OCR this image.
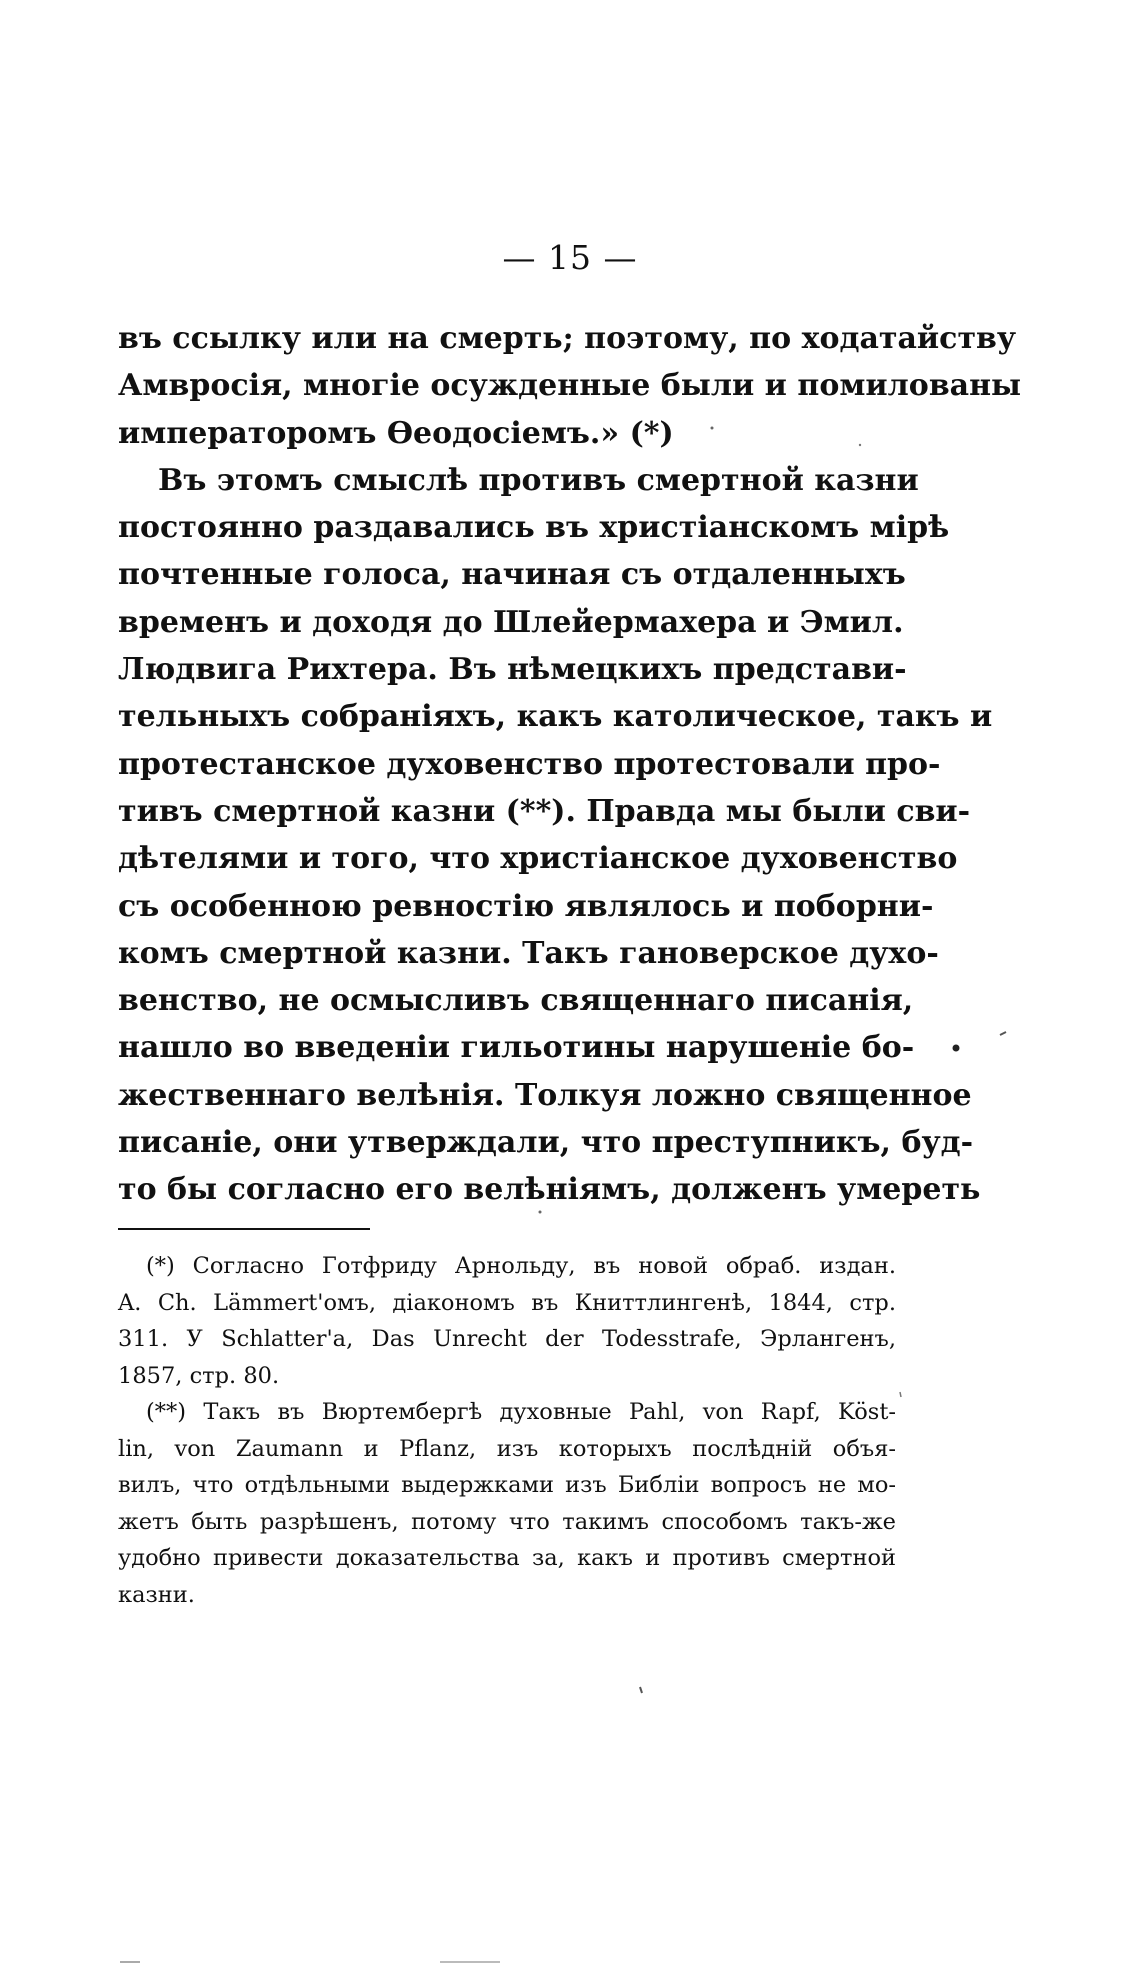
— 15 —
въ ссылку или на смерть; поэтому, по ходатайству
Амвросія, многіе осужденные были и помилованы
императоромъ Өеодосіемъ.» (*)
Въ этомъ смыслѣ противъ смертной казни
постоянно раздавались въ христіанскомъ мірѣ
почтенные голоса, начиная съ отдаленныхъ
временъ и доходя до Шлейермахера и Эмил.
Людвига Рихтера. Въ нѣмецкихъ представи-
тельныхъ собраніяхъ, какъ католическое, такъ и
протестанское духовенство протестовали про-
тивъ смертной казни (**). Правда мы были сви-
дѣтелями и того, что христіанское духовенство
съ особенною ревностію являлось и поборни-
комъ смертной казни. Такъ гановерское духо-
венство, не осмысливъ священнаго писанія,
нашло во введеніи гильотины нарушеніе бо-
жественнаго велѣнія. Толкуя ложно священное
писаніе, они утверждали, что преступникъ, буд-
то бы согласно его велѣніямъ, долженъ умереть
(*) Согласно Готфриду Арнольду, въ новой обраб. издан.
A. Ch. Lämmert'омъ, діакономъ въ Книттлингенѣ, 1844, стр.
311. У Schlatter'a, Das Unrecht der Todesstrafe, Эрлангенъ,
1857, стр. 80.
(**) Такъ въ Вюртембергѣ духовные Pahl, von Rapf, Köst-
lin, von Zaumann и Pflanz, изъ которыхъ послѣдній объя-
вилъ, что отдѣльными выдержками изъ Библіи вопросъ не мо-
жетъ быть разрѣшенъ, потому что такимъ способомъ такъ-же
удобно привести доказательства за, какъ и противъ смертной
казни.
